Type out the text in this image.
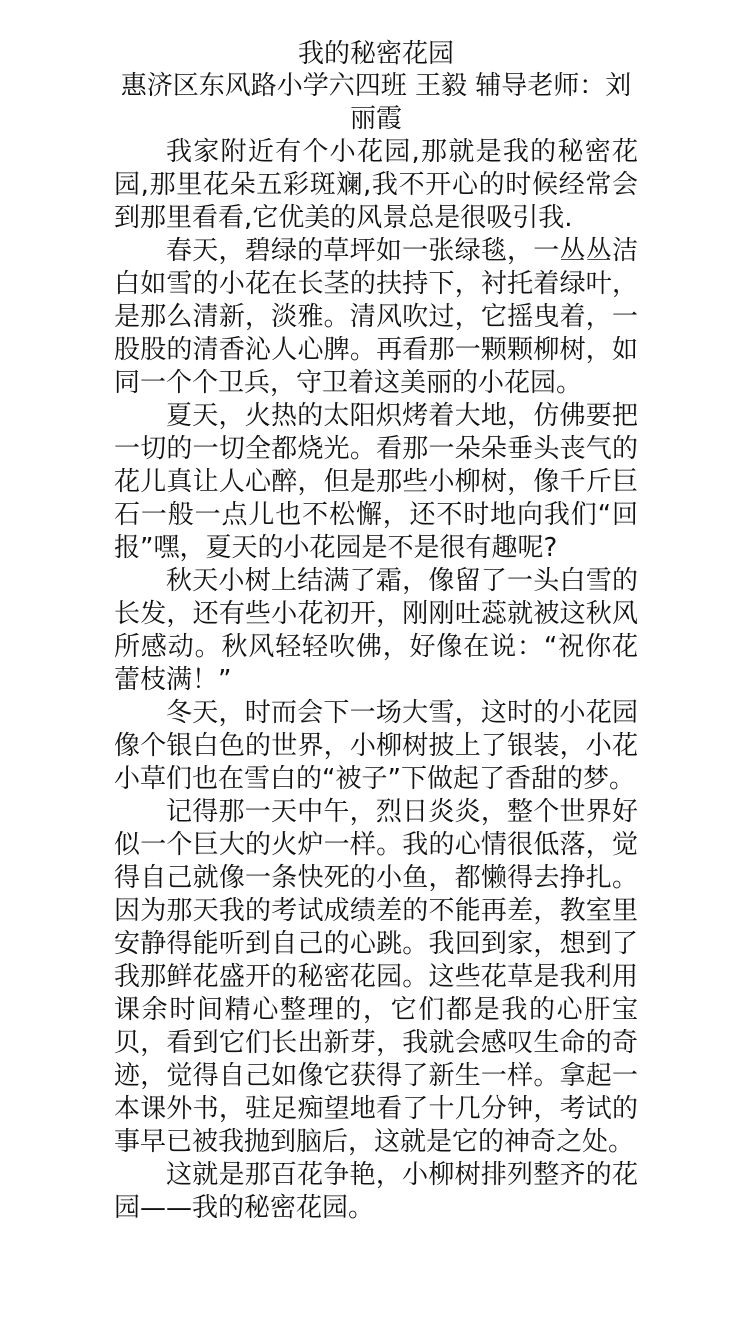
我的秘密花园

惠济区东风路小学六四班 王毅 辅导老师：刘丽霞

我家附近有个小花园,那就是我的秘密花园,那里花朵五彩斑斓,我不开心的时候经常会到那里看看,它优美的风景总是很吸引我.

春天，碧绿的草坪如一张绿毯，一丛丛洁白如雪的小花在长茎的扶持下，衬托着绿叶，是那么清新，淡雅。清风吹过，它摇曳着，一股股的清香沁人心脾。再看那一颗颗柳树，如同一个个卫兵，守卫着这美丽的小花园。

夏天，火热的太阳炽烤着大地，仿佛要把一切的一切全都烧光。看那一朵朵垂头丧气的花儿真让人心醉，但是那些小柳树，像千斤巨石一般一点儿也不松懈，还不时地向我们“回报”嘿，夏天的小花园是不是很有趣呢?

秋天小树上结满了霜，像留了一头白雪的长发，还有些小花初开，刚刚吐蕊就被这秋风所感动。秋风轻轻吹佛，好像在说：“祝你花蕾枝满！”

冬天，时而会下一场大雪，这时的小花园像个银白色的世界，小柳树披上了银装，小花小草们也在雪白的“被子”下做起了香甜的梦。

记得那一天中午，烈日炎炎，整个世界好似一个巨大的火炉一样。我的心情很低落，觉得自己就像一条快死的小鱼，都懒得去挣扎。因为那天我的考试成绩差的不能再差，教室里安静得能听到自己的心跳。我回到家，想到了我那鲜花盛开的秘密花园。这些花草是我利用课余时间精心整理的，它们都是我的心肝宝贝，看到它们长出新芽，我就会感叹生命的奇迹，觉得自己如像它获得了新生一样。拿起一本课外书，驻足痴望地看了十几分钟，考试的事早已被我抛到脑后，这就是它的神奇之处。

这就是那百花争艳，小柳树排列整齐的花园——我的秘密花园。
